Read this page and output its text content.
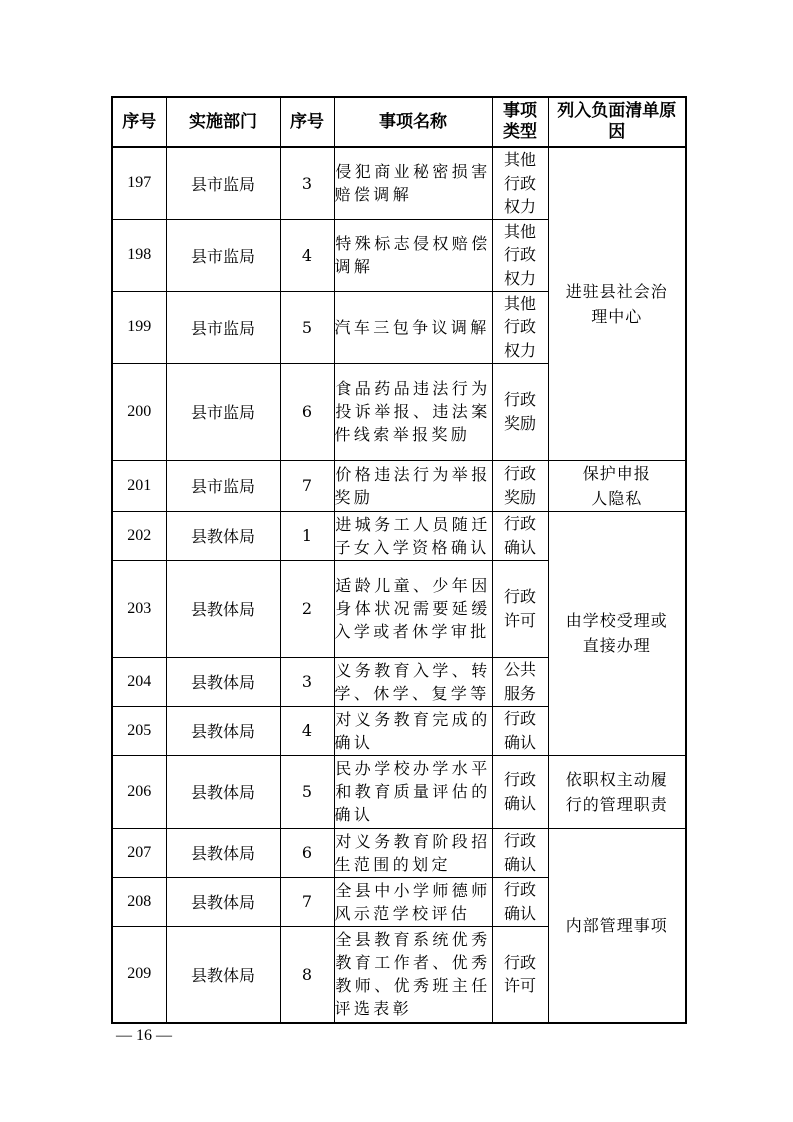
序号	实施部门	序号	事项名称	事项类型	列入负面清单原因
197	县市监局	3	侵犯商业秘密损害赔偿调解	其他行政权力	进驻县社会治理中心
198	县市监局	4	特殊标志侵权赔偿调解	其他行政权力	
199	县市监局	5	汽车三包争议调解	其他行政权力	
200	县市监局	6	食品药品违法行为投诉举报、违法案件线索举报奖励	行政奖励	
201	县市监局	7	价格违法行为举报奖励	行政奖励	保护申报人隐私
202	县教体局	1	进城务工人员随迁子女入学资格确认	行政确认	由学校受理或直接办理
203	县教体局	2	适龄儿童、少年因身体状况需要延缓入学或者休学审批	行政许可	
204	县教体局	3	义务教育入学、转学、休学、复学等	公共服务	
205	县教体局	4	对义务教育完成的确认	行政确认	
206	县教体局	5	民办学校办学水平和教育质量评估的确认	行政确认	依职权主动履行的管理职责
207	县教体局	6	对义务教育阶段招生范围的划定	行政确认	内部管理事项
208	县教体局	7	全县中小学师德师风示范学校评估	行政确认	
209	县教体局	8	全县教育系统优秀教育工作者、优秀教师、优秀班主任评选表彰	行政许可	
— 16 —
